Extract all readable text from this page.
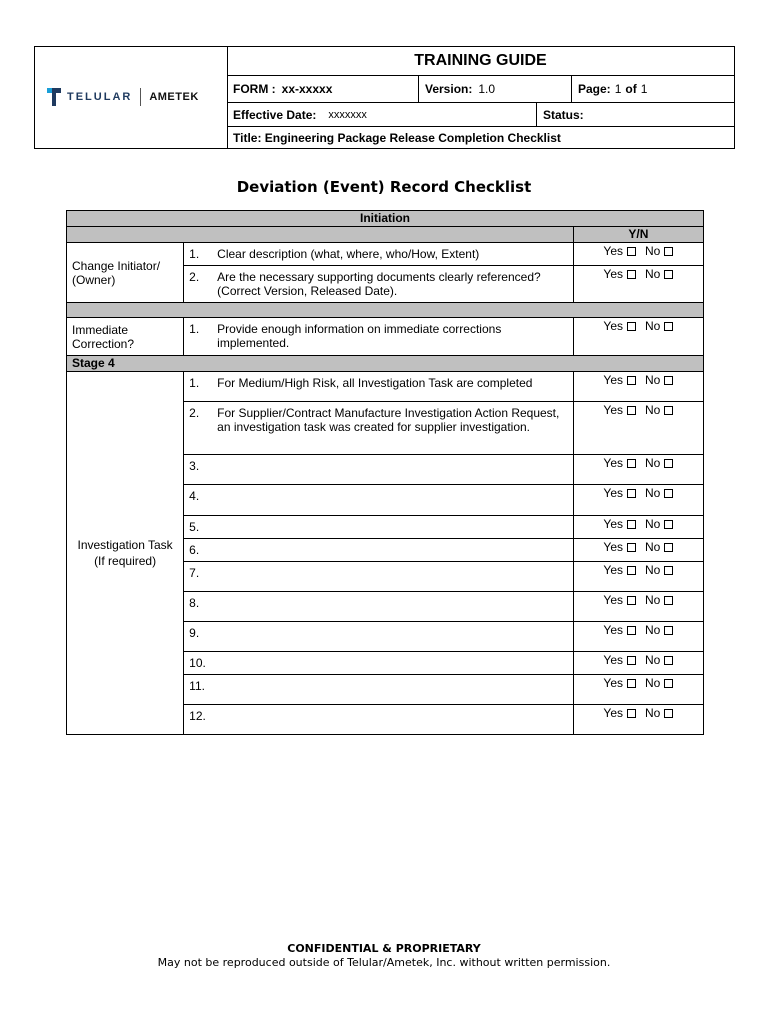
TELULAR AMETEK
TRAINING GUIDE
FORM : xx-xxxxx	Version: 1.0	Page: 1 of 1
Effective Date: xxxxxxx	Status:
Title: Engineering Package Release Completion Checklist
Deviation (Event) Record Checklist
Initiation		
		Y/N
Change Initiator/ (Owner)	1. Clear description (what, where, who/How, Extent)	Yes No

	2. Are the necessary supporting documents clearly referenced? (Correct Version, Released Date).	Yes No

Immediate Correction?	1. Provide enough information on immediate corrections implemented.	Yes No

Stage 4		
Investigation Task
(If required)	1. For Medium/High Risk, all Investigation Task are completed	Yes No

	2. For Supplier/Contract Manufacture Investigation Action Request, an investigation task was created for supplier investigation.	Yes No

	3.	Yes No

	4.	Yes No

	5.	Yes No

	6.	Yes No

	7.	Yes No

	8.	Yes No

	9.	Yes No

	10.	Yes No

	11.	Yes No

	12.	Yes No
CONFIDENTIAL & PROPRIETARY
May not be reproduced outside of Telular/Ametek, Inc. without written permission.
